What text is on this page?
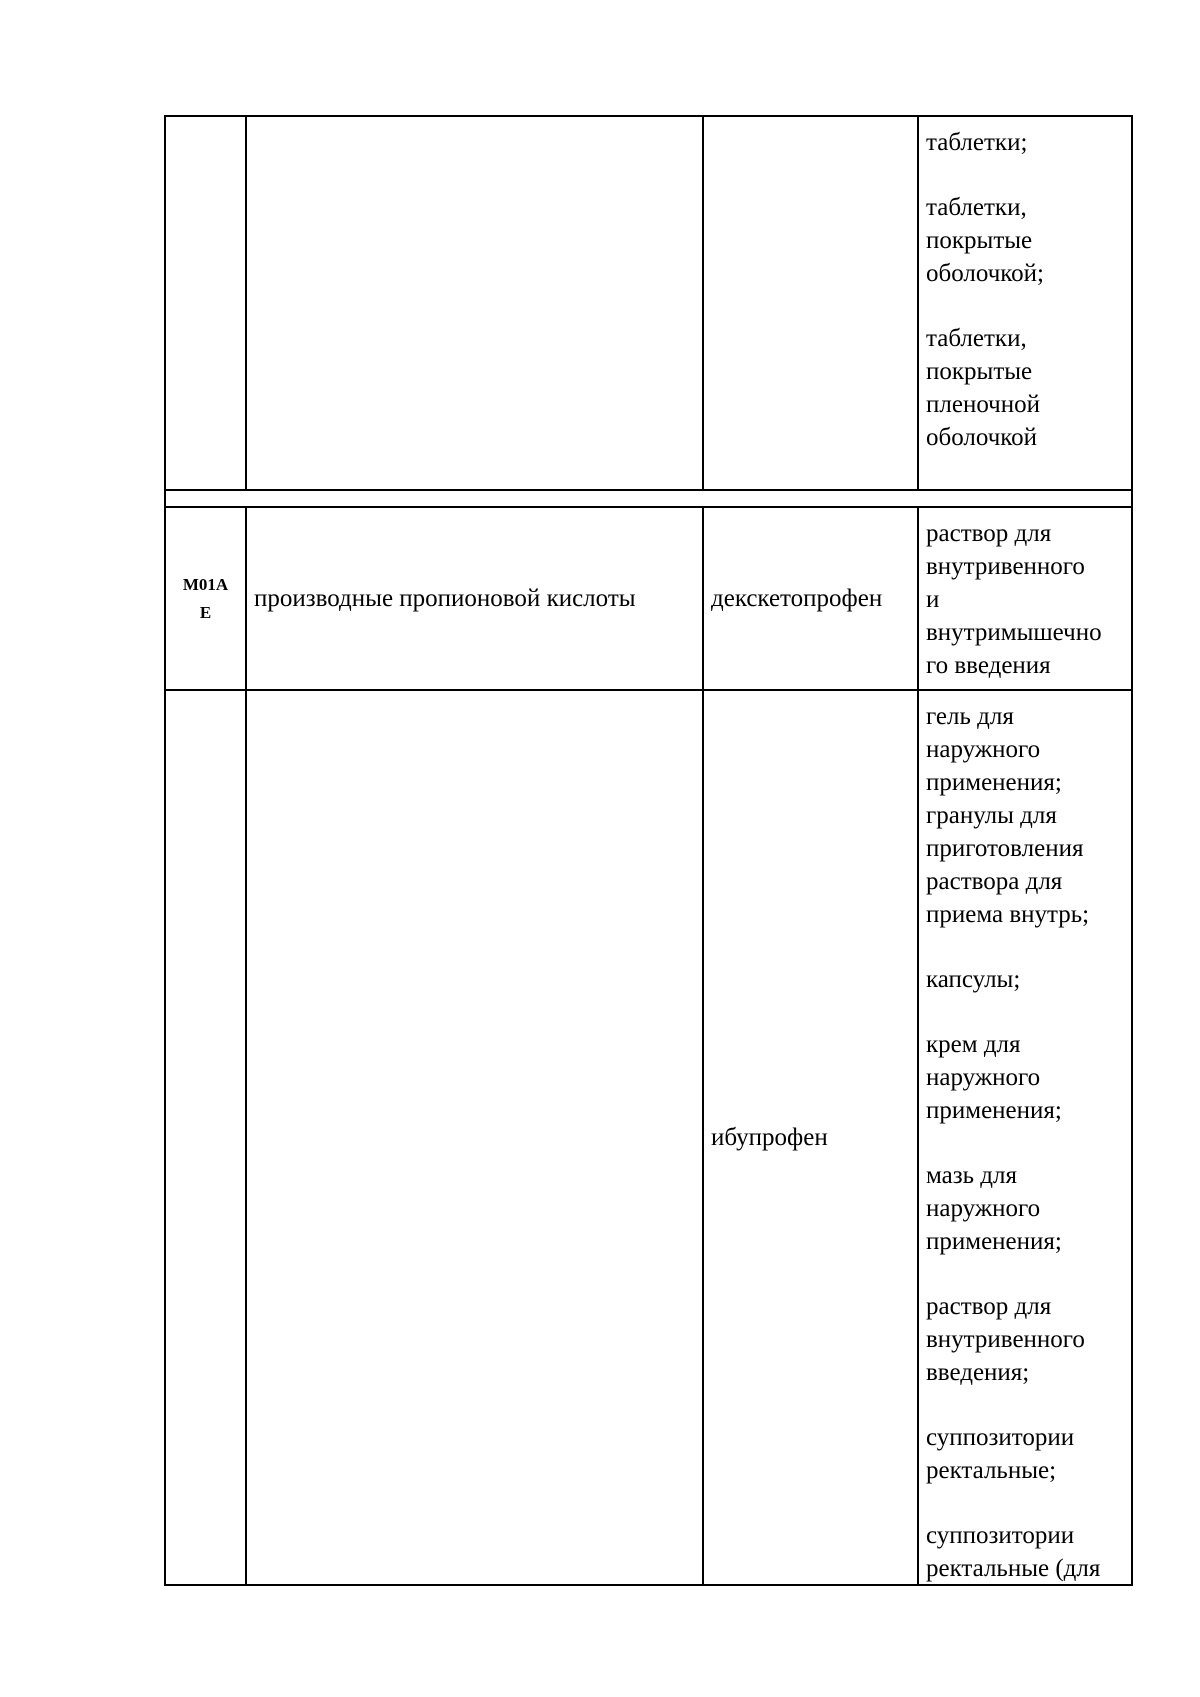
таблетки;
таблетки,
покрытые
оболочкой;
таблетки,
покрытые
пленочной
оболочкой
M01A
E	производные пропионовой кислоты	декскетопрофен
раствор для
внутривенного
и
внутримышечно
го введения
ибупрофен
гель для
наружного
применения;
гранулы для
приготовления
раствора для
приема внутрь;
капсулы;
крем для
наружного
применения;
мазь для
наружного
применения;
раствор для
внутривенного
введения;
суппозитории
ректальные;
суппозитории
ректальные (для
